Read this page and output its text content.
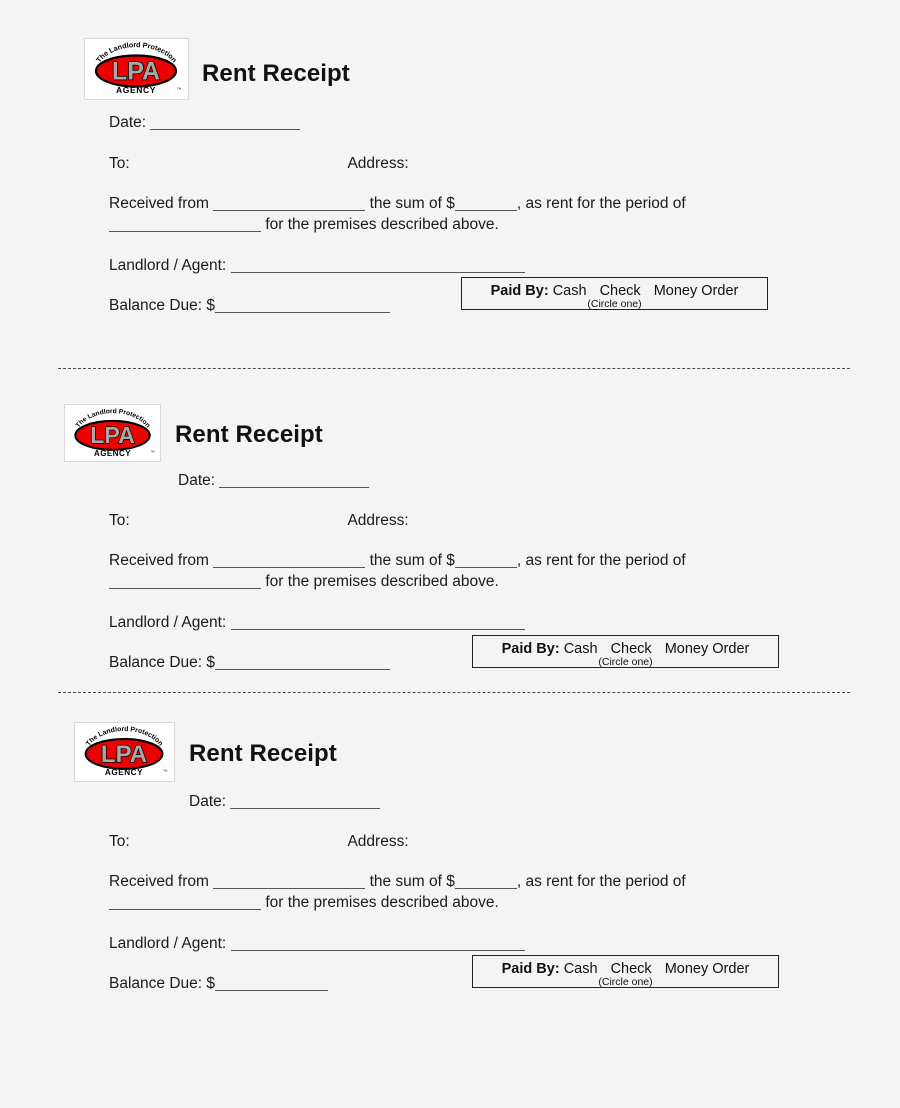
The Landlord Protection
LPA
AGENCY	™
Rent Receipt
Date:
To:	Address:
Received from	the sum of $	, as rent for the period of
for the premises described above.
Landlord / Agent:
Balance Due: $
Paid By: Cash Check Money Order
(Circle one)
The Landlord Protection
LPA
AGENCY	™
Rent Receipt
Date:
To:	Address:
Received from	the sum of $	, as rent for the period of
for the premises described above.
Landlord / Agent:
Balance Due: $
Paid By: Cash Check Money Order
(Circle one)
The Landlord Protection
LPA
AGENCY	™
Rent Receipt
Date:
To:	Address:
Received from	the sum of $	, as rent for the period of
for the premises described above.
Landlord / Agent:
Balance Due: $
Paid By: Cash Check Money Order
(Circle one)
